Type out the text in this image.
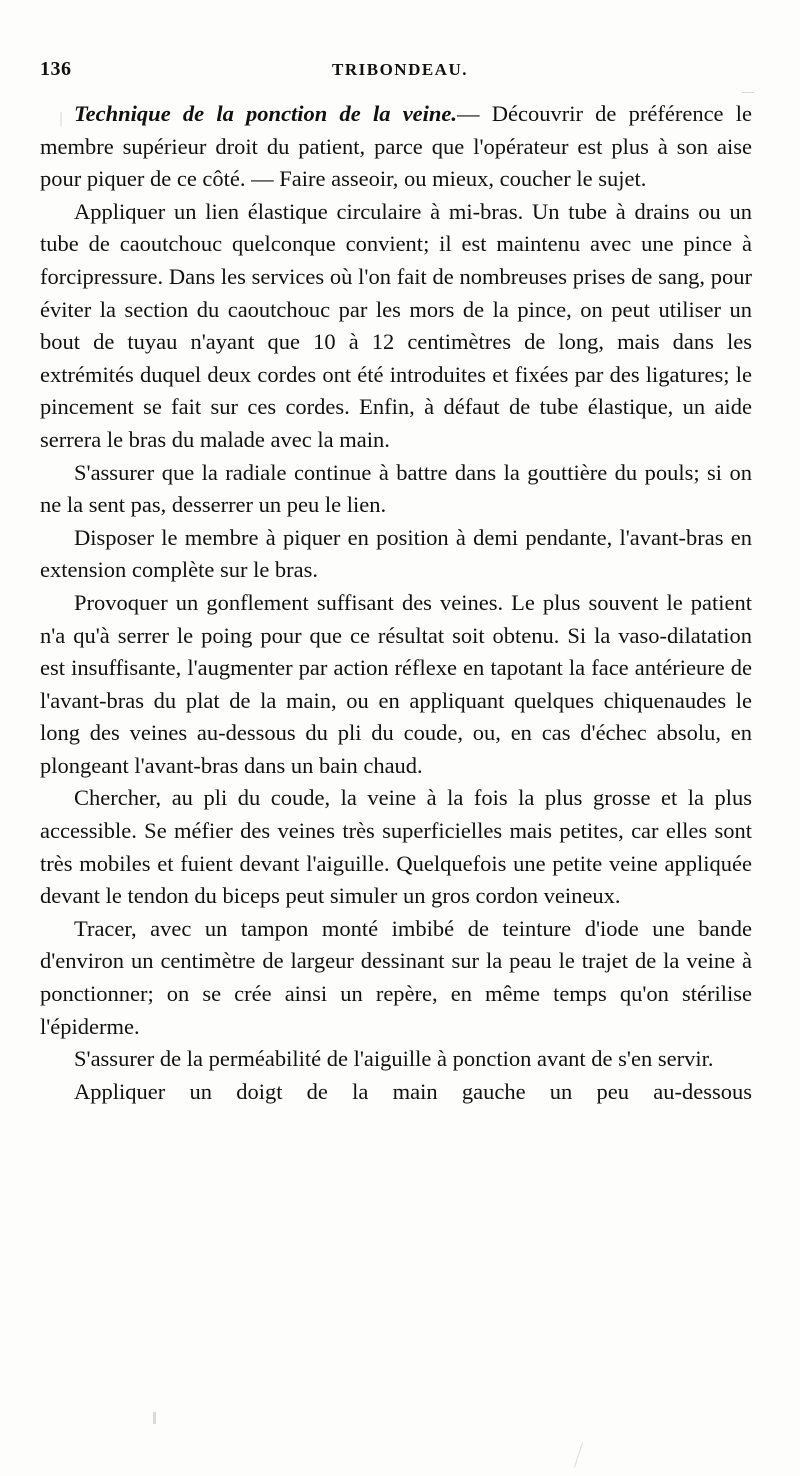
136	TRIBONDEAU.

Technique de la ponction de la veine.— Découvrir de préférence le membre supérieur droit du patient, parce que l'opérateur est plus à son aise pour piquer de ce côté. — Faire asseoir, ou mieux, coucher le sujet.

Appliquer un lien élastique circulaire à mi-bras. Un tube à drains ou un tube de caoutchouc quelconque convient; il est maintenu avec une pince à forcipressure. Dans les services où l'on fait de nombreuses prises de sang, pour éviter la section du caoutchouc par les mors de la pince, on peut utiliser un bout de tuyau n'ayant que 10 à 12 centimètres de long, mais dans les extrémités duquel deux cordes ont été introduites et fixées par des ligatures; le pincement se fait sur ces cordes. Enfin, à défaut de tube élastique, un aide serrera le bras du malade avec la main.

S'assurer que la radiale continue à battre dans la gouttière du pouls; si on ne la sent pas, desserrer un peu le lien.

Disposer le membre à piquer en position à demi pendante, l'avant-bras en extension complète sur le bras.

Provoquer un gonflement suffisant des veines. Le plus souvent le patient n'a qu'à serrer le poing pour que ce résultat soit obtenu. Si la vaso-dilatation est insuffisante, l'augmenter par action réflexe en tapotant la face antérieure de l'avant-bras du plat de la main, ou en appliquant quelques chiquenaudes le long des veines au-dessous du pli du coude, ou, en cas d'échec absolu, en plongeant l'avant-bras dans un bain chaud.

Chercher, au pli du coude, la veine à la fois la plus grosse et la plus accessible. Se méfier des veines très superficielles mais petites, car elles sont très mobiles et fuient devant l'aiguille. Quelquefois une petite veine appliquée devant le tendon du biceps peut simuler un gros cordon veineux.

Tracer, avec un tampon monté imbibé de teinture d'iode une bande d'environ un centimètre de largeur dessinant sur la peau le trajet de la veine à ponctionner; on se crée ainsi un repère, en même temps qu'on stérilise l'épiderme.

S'assurer de la perméabilité de l'aiguille à ponction avant de s'en servir.

Appliquer un doigt de la main gauche un peu au-dessous
